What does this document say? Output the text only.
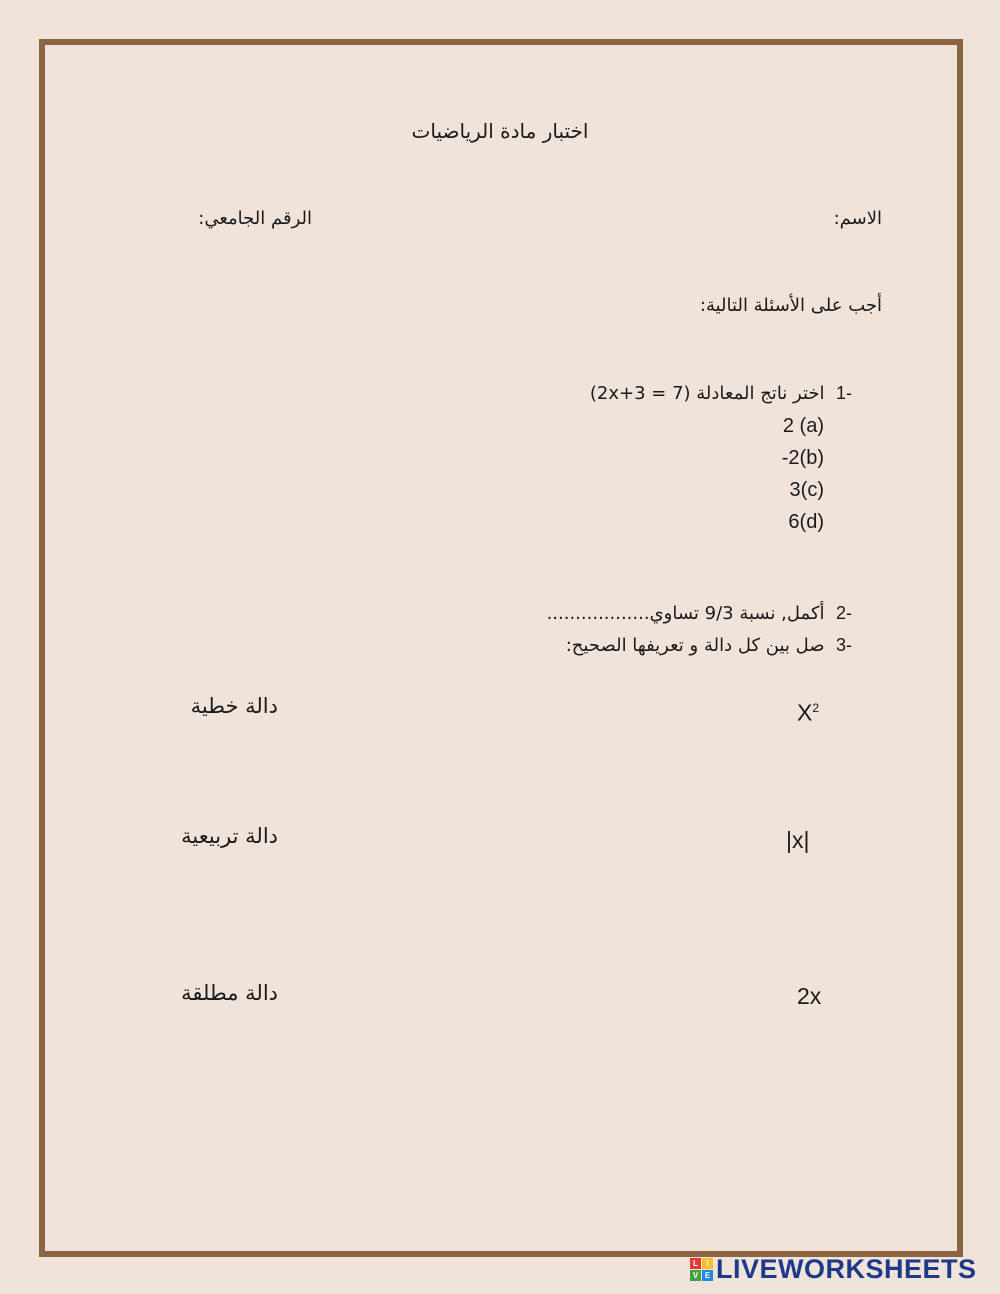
اختبار مادة الرياضيات
الاسم:
الرقم الجامعي:
أجب على الأسئلة التالية:
-1  اختر ناتج المعادلة (7 = 2x+3)
2 (a)
-2(b)
3(c)
6(d)
-2  أكمل, نسبة 9/3 تساوي..................
-3  صل بين كل دالة و تعريفها الصحيح:
دالة خطية
دالة تربيعية
دالة مطلقة
$X^2$
|x|
2x
L	I
V E LIVEWORKSHEETS
